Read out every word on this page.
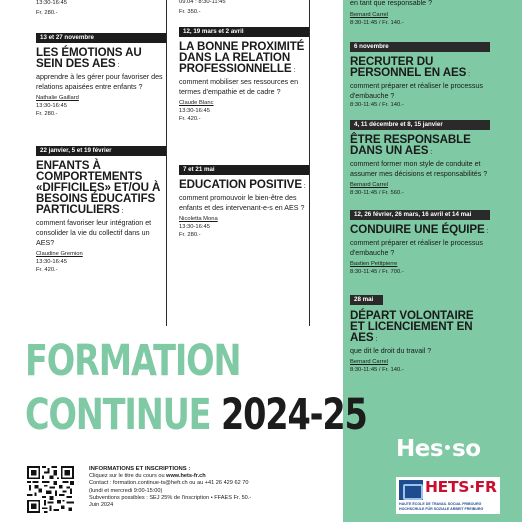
13:30-16:45
Fr. 280.-
13 et 27 novembre
LES ÉMOTIONS AU SEIN DES AES :
apprendre à les gérer pour favoriser des relations apaisées entre enfants ?
Nathalie Gaillard
13:30-16:45
Fr. 280.-
22 janvier, 5 et 19 février
ENFANTS À COMPORTEMENTS «DIFFICILES» ET/OU À BESOINS ÉDUCATIFS PARTICULIERS :
comment favoriser leur intégration et consolider la vie du collectif dans un AES?
Claudine Gremion
13:30-16:45
Fr. 420.-
09.04 : 8:30-11:45
Fr. 350.-
12, 19 mars et 2 avril
LA BONNE PROXIMITÉ DANS LA RELATION PROFESSIONNELLE :
comment mobiliser ses ressources en termes d'empathie et de cadre ?
Claude Blanc
13:30-16:45
Fr. 420.-
7 et 21 mai
EDUCATION POSITIVE :
comment promouvoir le bien-être des enfants et des intervenant-e-s en AES ?
Nicoletta Mona
13:30-16:45
Fr. 280.-
en tant que responsable ?
Bernard Carrel
8:30-11:45 / Fr. 140.-
6 novembre
RECRUTER DU PERSONNEL EN AES :
comment préparer et réaliser le processus d'embauche ?
8:30-11:45 / Fr. 140.-
4, 11 décembre et 8, 15 janvier
ÊTRE RESPONSABLE DANS UN AES :
comment former mon style de conduite et assumer mes décisions et responsabilités ?
Bernard Carrel
8:30-11:45 / Fr. 560.-
12, 26 février, 26 mars, 16 avril et 14 mai
CONDUIRE UNE ÉQUIPE :
comment préparer et réaliser le processus d'embauche ?
Bastien Petitpierre
8:30-11:45 / Fr. 700.-
28 mai
DÉPART VOLONTAIRE ET LICENCIEMENT EN AES :
que dit le droit du travail ?
Bernard Carrel
8:30-11:45 / Fr. 140.-
FORMATION
CONTINUE 2024-25
Hes so
HETS·FR
HAUTE ÉCOLE DE TRAVAIL SOCIAL FRIBOURG
HOCHSCHULE FÜR SOZIALE ARBEIT FREIBURG
INFORMATIONS ET INSCRIPTIONS :
Cliquez sur le titre du cours ou www.hets-fr.ch
Contact : formation.continue-ts@hefr.ch ou au +41 26 429 62 70
(lundi et mercredi 9:00-15:00)
Subventions possibles : SEJ 25% de l'inscription • FFAES Fr. 50.-
Juin 2024
